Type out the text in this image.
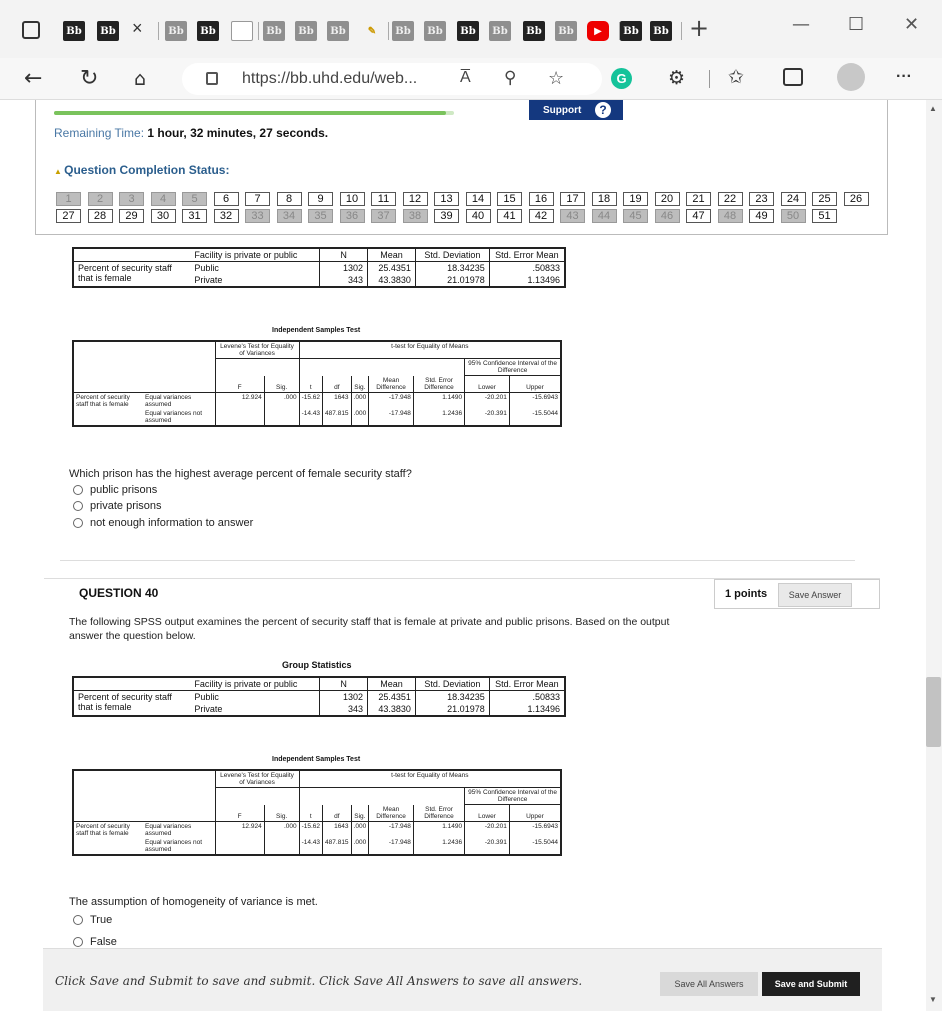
Bb	Bb ×	Bb	Bb	Bb	Bb	Bb	✎	Bb	Bb	Bb	Bb	Bb	Bb	▶	Bb	Bb +	— ☐ ✕
← ↻ ⌂	https://bb.uhd.edu/web...	A̅ ⚲ ☆	G ⚙ ✩	···
	Facility is private or public	N	Mean	Std. Deviation	Std. Error Mean
Percent of security staff that is female	Public	1302	25.4351	18.34235	.50833
	Private	343	43.3830	21.01978	1.13496
Support	?
Remaining Time: 1 hour, 32 minutes, 27 seconds.
▲ Question Completion Status:
1	2	3	4	5	6	7	8	9	10	11	12	13	14	15	16	17	18	19	20	21	22	23	24	25	26
27	28	29	30	31	32	33	34	35	36	37	38	39	40	41	42	43	44	45	46	47	48	49	50	51
Independent Samples Test
		Levene's Test for Equality of Variances		t-test for Equality of Means						
									95% Confidence Interval of the Difference	
		F	Sig.	t	df	Sig.	Mean Difference	Std. Error Difference	Lower	Upper
Percent of security staff that is female	Equal variances assumed	12.924	.000	-15.62	1643	.000	-17.948	1.1490	-20.201	-15.6943
	Equal variances not assumed			-14.43	487.815	.000	-17.948	1.2436	-20.391	-15.5044
Which prison has the highest average percent of female security staff?
public prisons
private prisons
not enough information to answer
QUESTION 40	1 points	Save Answer
The following SPSS output examines the percent of security staff that is female at private and public prisons. Based on the output answer the question below.
Group Statistics
	Facility is private or public	N	Mean	Std. Deviation	Std. Error Mean
Percent of security staff that is female	Public	1302	25.4351	18.34235	.50833
	Private	343	43.3830	21.01978	1.13496
Independent Samples Test
		Levene's Test for Equality of Variances		t-test for Equality of Means						
									95% Confidence Interval of the Difference	
		F	Sig.	t	df	Sig.	Mean Difference	Std. Error Difference	Lower	Upper
Percent of security staff that is female	Equal variances assumed	12.924	.000	-15.62	1643	.000	-17.948	1.1490	-20.201	-15.6943
	Equal variances not assumed			-14.43	487.815	.000	-17.948	1.2436	-20.391	-15.5044
The assumption of homogeneity of variance is met.
True
False
Click Save and Submit to save and submit. Click Save All Answers to save all answers.	Save All Answers	Save and Submit
▲
▼
